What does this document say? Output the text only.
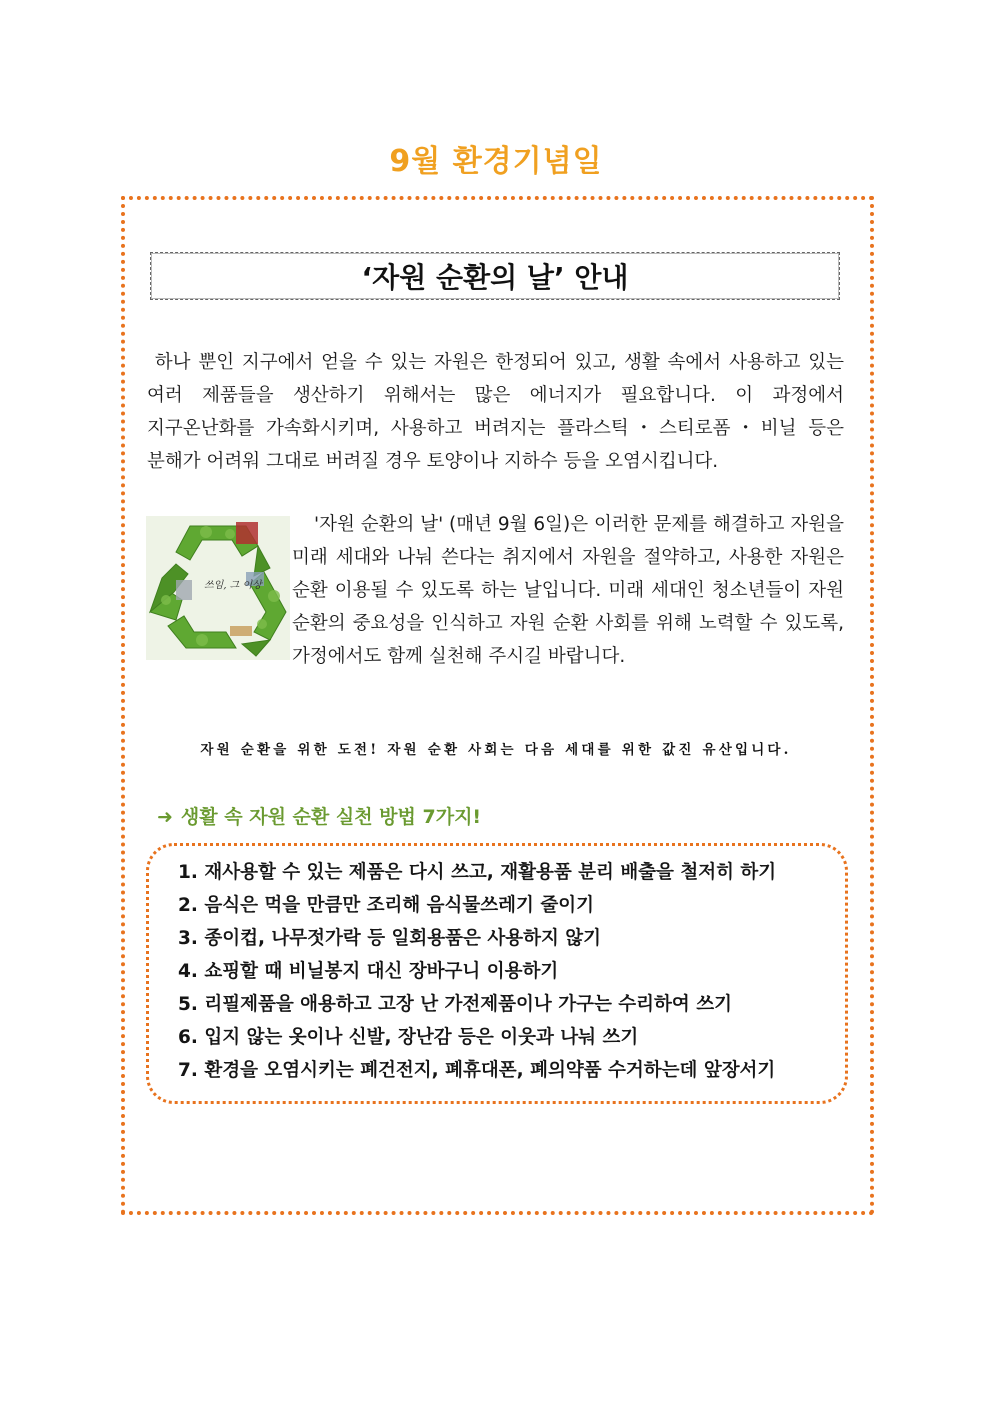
9월 환경기념일
‘자원 순환의 날’ 안내

하나 뿐인 지구에서 얻을 수 있는 자원은 한정되어 있고, 생활 속에서 사용하고 있는 여러 제품들을 생산하기 위해서는 많은 에너지가 필요합니다. 이 과정에서 지구온난화를 가속화시키며, 사용하고 버려지는 플라스틱・스티로폼・비닐 등은 분해가 어려워 그대로 버려질 경우 토양이나 지하수 등을 오염시킵니다.

쓰임, 그 이상

'자원 순환의 날' (매년 9월 6일)은 이러한 문제를 해결하고 자원을 미래 세대와 나눠 쓴다는 취지에서 자원을 절약하고, 사용한 자원은 순환 이용될 수 있도록 하는 날입니다. 미래 세대인 청소년들이 자원 순환의 중요성을 인식하고 자원 순환 사회를 위해 노력할 수 있도록, 가정에서도 함께 실천해 주시길 바랍니다.

자원 순환을 위한 도전! 자원 순환 사회는 다음 세대를 위한 값진 유산입니다.
➜ 생활 속 자원 순환 실천 방법 7가지!
1. 재사용할 수 있는 제품은 다시 쓰고, 재활용품 분리 배출을 철저히 하기
2. 음식은 먹을 만큼만 조리해 음식물쓰레기 줄이기
3. 종이컵, 나무젓가락 등 일회용품은 사용하지 않기
4. 쇼핑할 때 비닐봉지 대신 장바구니 이용하기
5. 리필제품을 애용하고 고장 난 가전제품이나 가구는 수리하여 쓰기
6. 입지 않는 옷이나 신발, 장난감 등은 이웃과 나눠 쓰기
7. 환경을 오염시키는 폐건전지, 폐휴대폰, 폐의약품 수거하는데 앞장서기
